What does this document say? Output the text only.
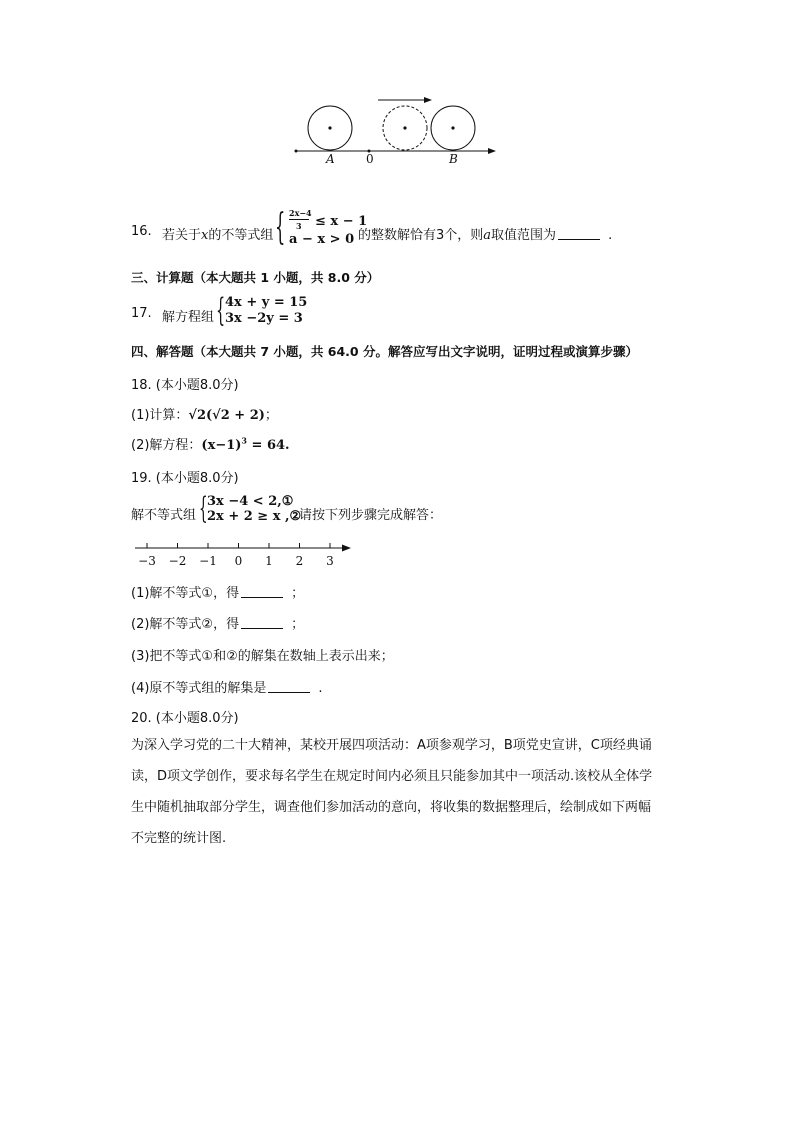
A	0	B
16. 若关于x的不等式组 { 2x−4
3 ≤ x − 1
a − x > 0 的整数解恰有3个，则a取值范围为	.
三、计算题（本大题共 1 小题，共 8.0 分）
17. 解方程组 { 4x + y = 15
3x −2y = 3
四、解答题（本大题共 7 小题，共 64.0 分。解答应写出文字说明，证明过程或演算步骤）
18. (本小题8.0分)
(1)计算：√2(√2 + 2)；
(2)解方程：$(x-1)^3 = 64$.
19. (本小题8.0分)
解不等式组 { 3x −4 < 2,①
2x + 2 ≥ x ,②
请按下列步骤完成解答：
−3 −2 −1 0 1 2 3
(1)解不等式①，得	；
(2)解不等式②，得	；
(3)把不等式①和②的解集在数轴上表示出来；
(4)原不等式组的解集是	.
20. (本小题8.0分)
为深入学习党的二十大精神，某校开展四项活动：A项参观学习，B项党史宣讲，C项经典诵
读，D项文学创作，要求每名学生在规定时间内必须且只能参加其中一项活动.该校从全体学
生中随机抽取部分学生，调查他们参加活动的意向，将收集的数据整理后，绘制成如下两幅
不完整的统计图.
